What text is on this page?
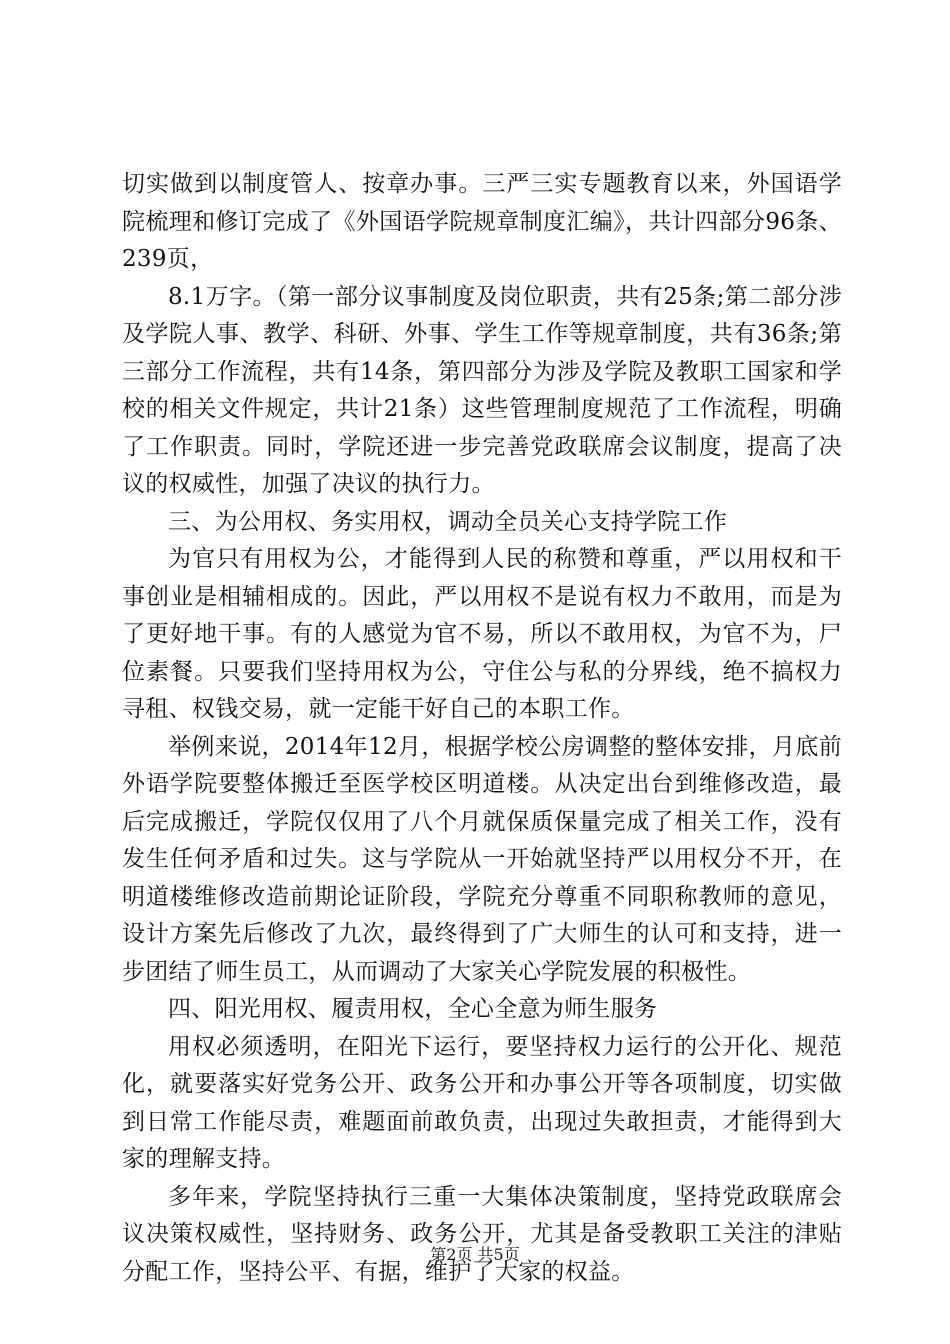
切实做到以制度管人、按章办事。三严三实专题教育以来，外国语学院梳理和修订完成了《外国语学院规章制度汇编》，共计四部分96条、239页，

8.1万字。（第一部分议事制度及岗位职责，共有25条;第二部分涉及学院人事、教学、科研、外事、学生工作等规章制度，共有36条;第三部分工作流程，共有14条，第四部分为涉及学院及教职工国家和学校的相关文件规定，共计21条）这些管理制度规范了工作流程，明确了工作职责。同时，学院还进一步完善党政联席会议制度，提高了决议的权威性，加强了决议的执行力。

三、为公用权、务实用权，调动全员关心支持学院工作

为官只有用权为公，才能得到人民的称赞和尊重，严以用权和干事创业是相辅相成的。因此，严以用权不是说有权力不敢用，而是为了更好地干事。有的人感觉为官不易，所以不敢用权，为官不为，尸位素餐。只要我们坚持用权为公，守住公与私的分界线，绝不搞权力寻租、权钱交易，就一定能干好自己的本职工作。

举例来说，2014年12月，根据学校公房调整的整体安排，月底前外语学院要整体搬迁至医学校区明道楼。从决定出台到维修改造，最后完成搬迁，学院仅仅用了八个月就保质保量完成了相关工作，没有发生任何矛盾和过失。这与学院从一开始就坚持严以用权分不开，在明道楼维修改造前期论证阶段，学院充分尊重不同职称教师的意见，设计方案先后修改了九次，最终得到了广大师生的认可和支持，进一步团结了师生员工，从而调动了大家关心学院发展的积极性。

四、阳光用权、履责用权，全心全意为师生服务

用权必须透明，在阳光下运行，要坚持权力运行的公开化、规范化，就要落实好党务公开、政务公开和办事公开等各项制度，切实做到日常工作能尽责，难题面前敢负责，出现过失敢担责，才能得到大家的理解支持。

多年来，学院坚持执行三重一大集体决策制度，坚持党政联席会议决策权威性，坚持财务、政务公开，尤其是备受教职工关注的津贴分配工作，坚持公平、有据，维护了大家的权益。

第2页 共5页
